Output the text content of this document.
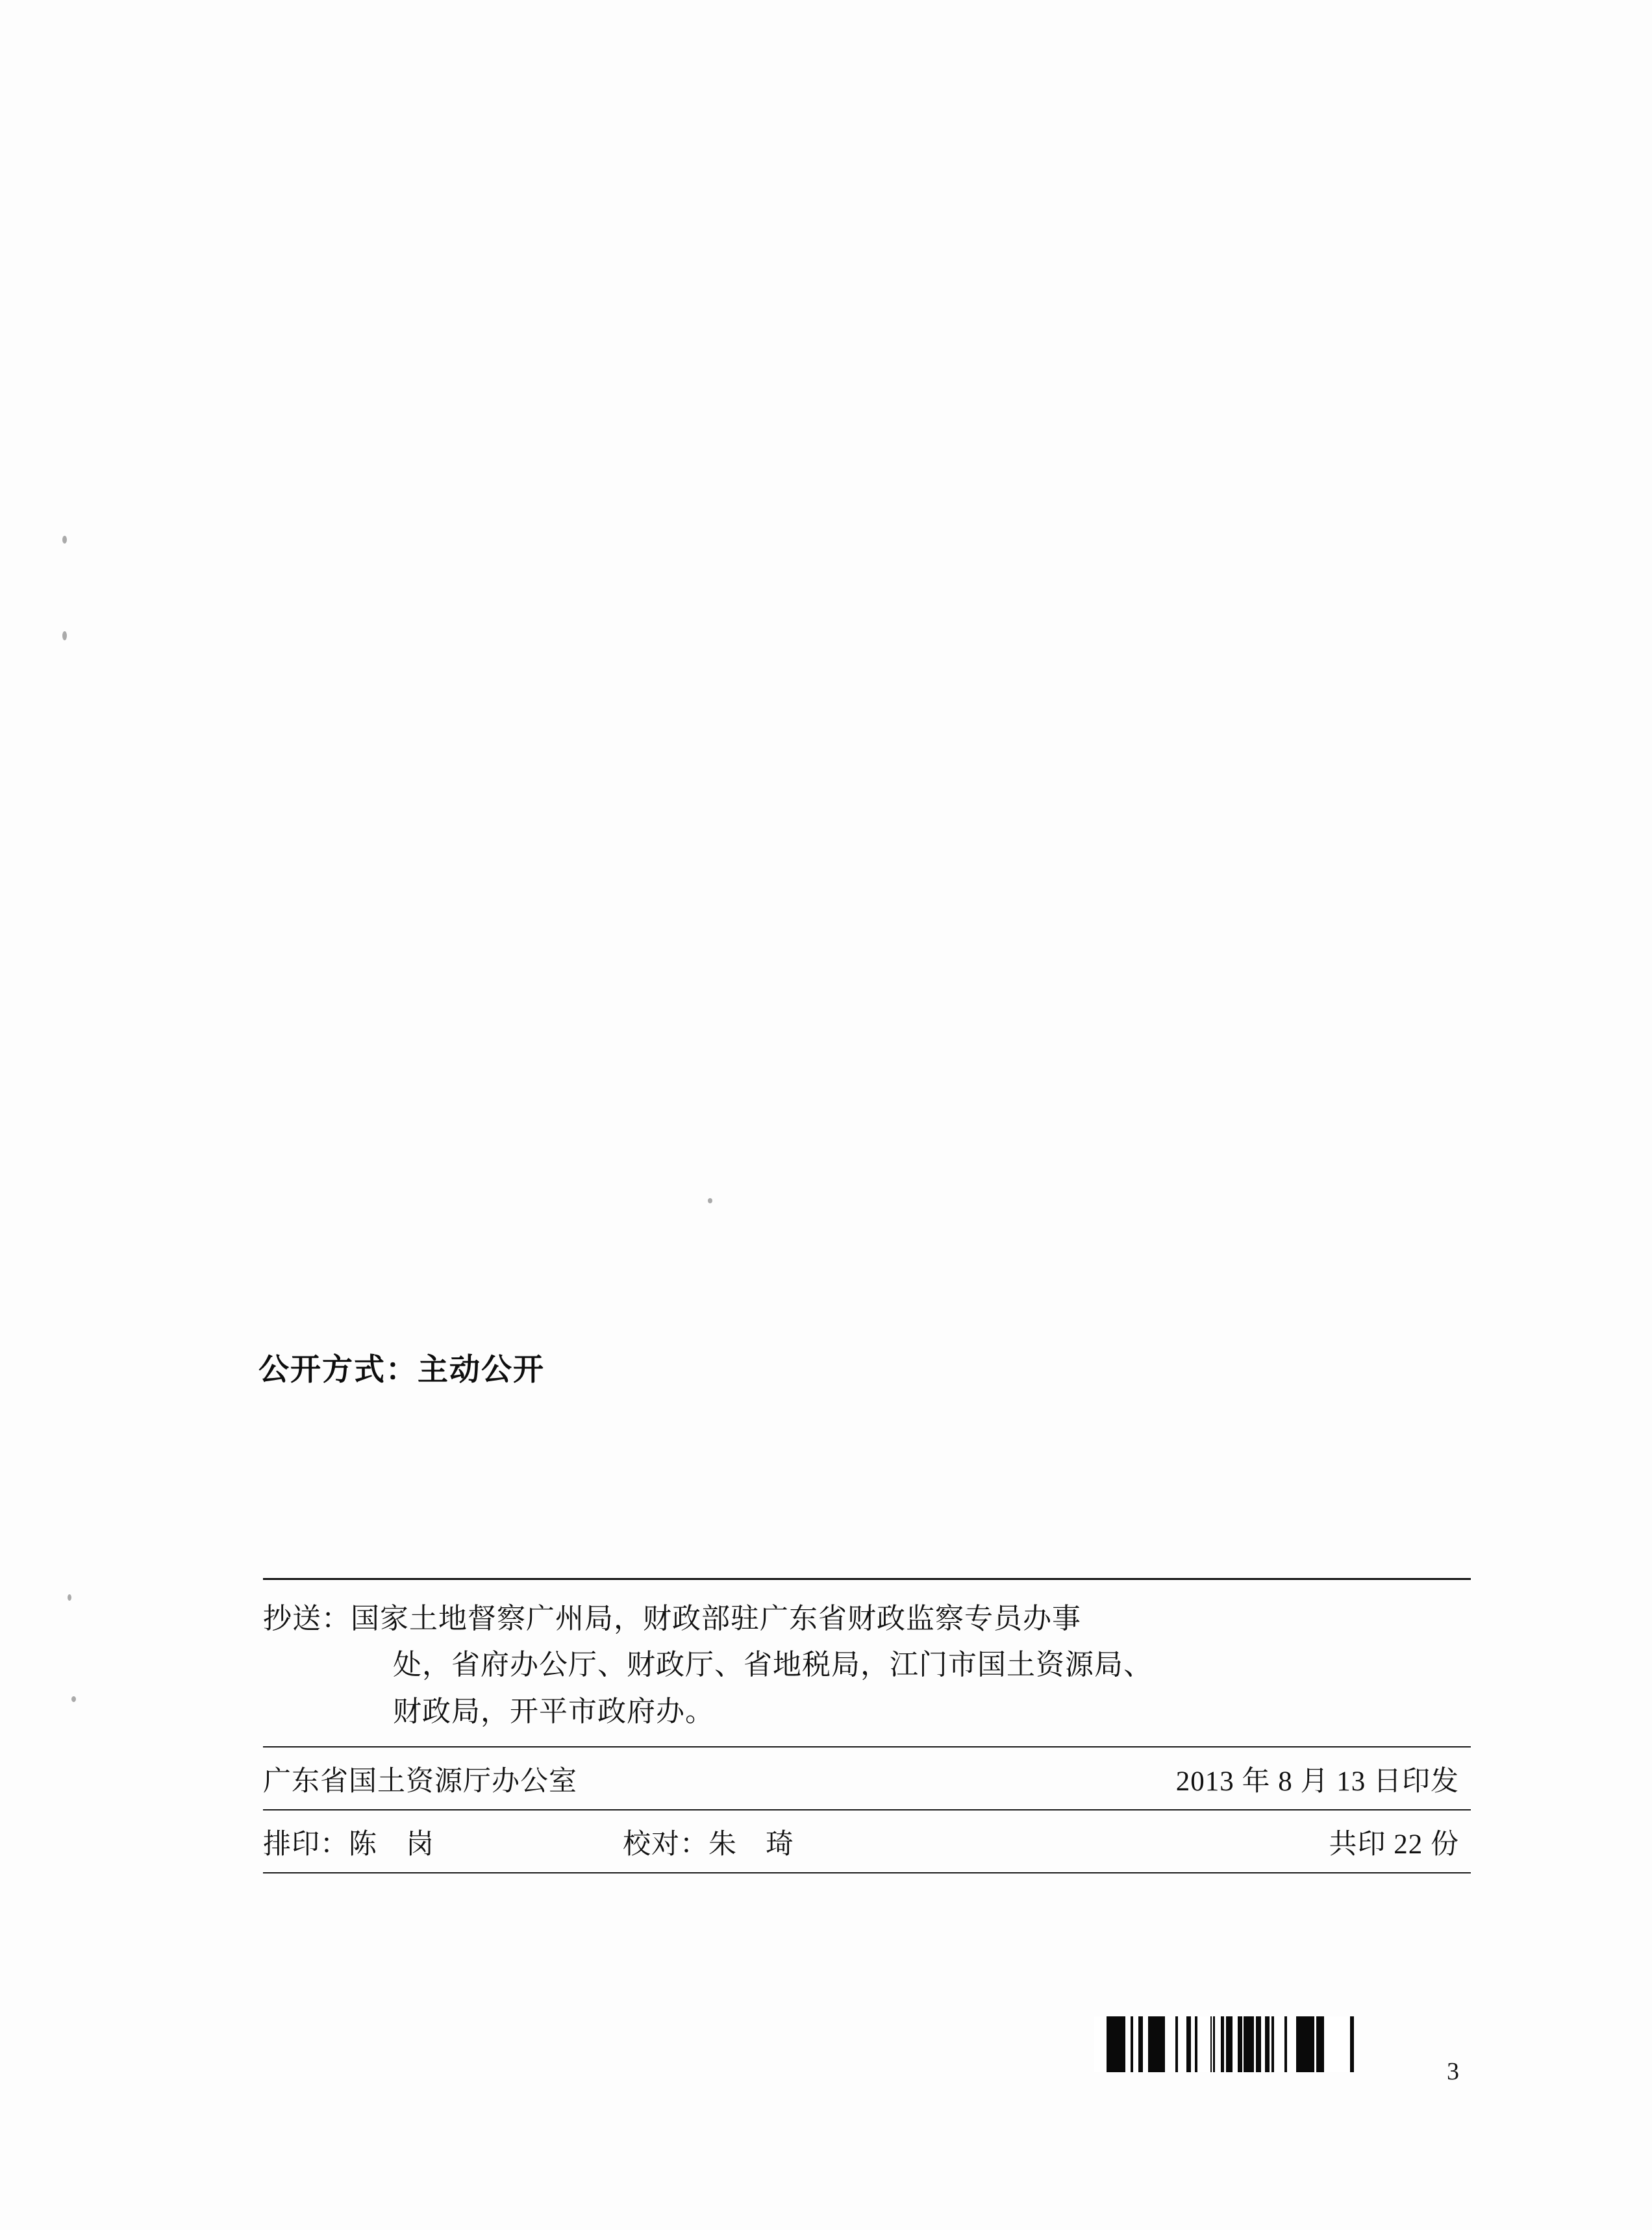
公开方式：主动公开
抄送：国家土地督察广州局，财政部驻广东省财政监察专员办事
处，省府办公厅、财政厅、省地税局，江门市国土资源局、
财政局，开平市政府办。
广东省国土资源厅办公室	2013 年 8 月 13 日印发
排印：陈　岗	校对：朱　琦	共印 22 份
3
